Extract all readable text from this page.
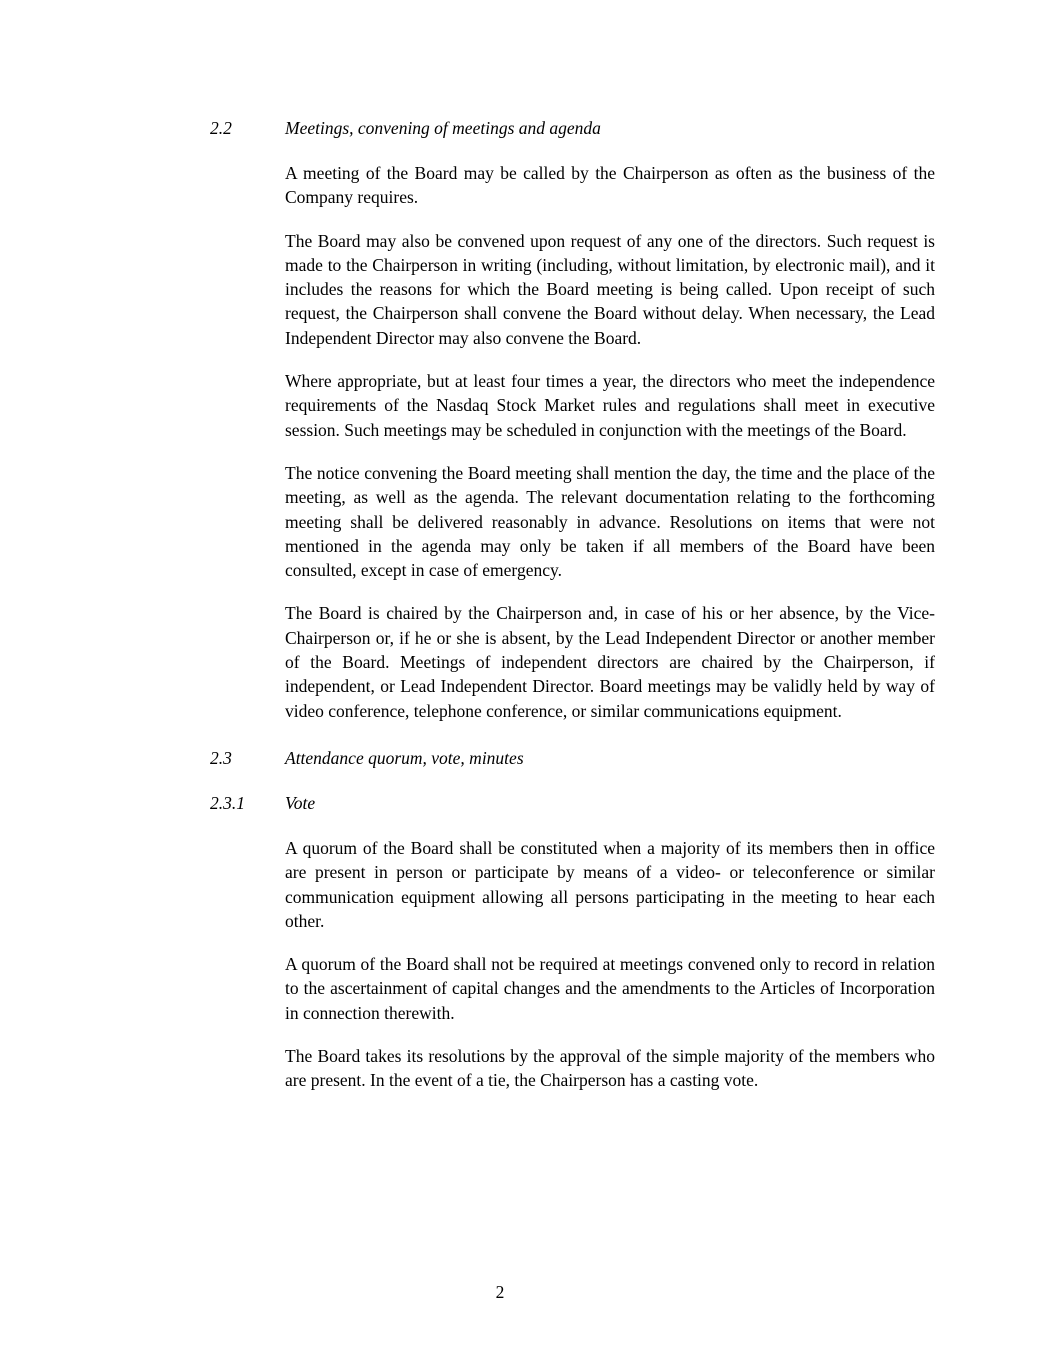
2.2	Meetings, convening of meetings and agenda

A meeting of the Board may be called by the Chairperson as often as the business of the Company requires.

The Board may also be convened upon request of any one of the directors. Such request is made to the Chairperson in writing (including, without limitation, by electronic mail), and it includes the reasons for which the Board meeting is being called. Upon receipt of such request, the Chairperson shall convene the Board without delay. When necessary, the Lead Independent Director may also convene the Board.

Where appropriate, but at least four times a year, the directors who meet the independence requirements of the Nasdaq Stock Market rules and regulations shall meet in executive session. Such meetings may be scheduled in conjunction with the meetings of the Board.

The notice convening the Board meeting shall mention the day, the time and the place of the meeting, as well as the agenda. The relevant documentation relating to the forthcoming meeting shall be delivered reasonably in advance. Resolutions on items that were not mentioned in the agenda may only be taken if all members of the Board have been consulted, except in case of emergency.

The Board is chaired by the Chairperson and, in case of his or her absence, by the Vice-Chairperson or, if he or she is absent, by the Lead Independent Director or another member of the Board. Meetings of independent directors are chaired by the Chairperson, if independent, or Lead Independent Director. Board meetings may be validly held by way of video conference, telephone conference, or similar communications equipment.

2.3	Attendance quorum, vote, minutes
2.3.1	Vote

A quorum of the Board shall be constituted when a majority of its members then in office are present in person or participate by means of a video- or teleconference or similar communication equipment allowing all persons participating in the meeting to hear each other.

A quorum of the Board shall not be required at meetings convened only to record in relation to the ascertainment of capital changes and the amendments to the Articles of Incorporation in connection therewith.

The Board takes its resolutions by the approval of the simple majority of the members who are present. In the event of a tie, the Chairperson has a casting vote.

2
